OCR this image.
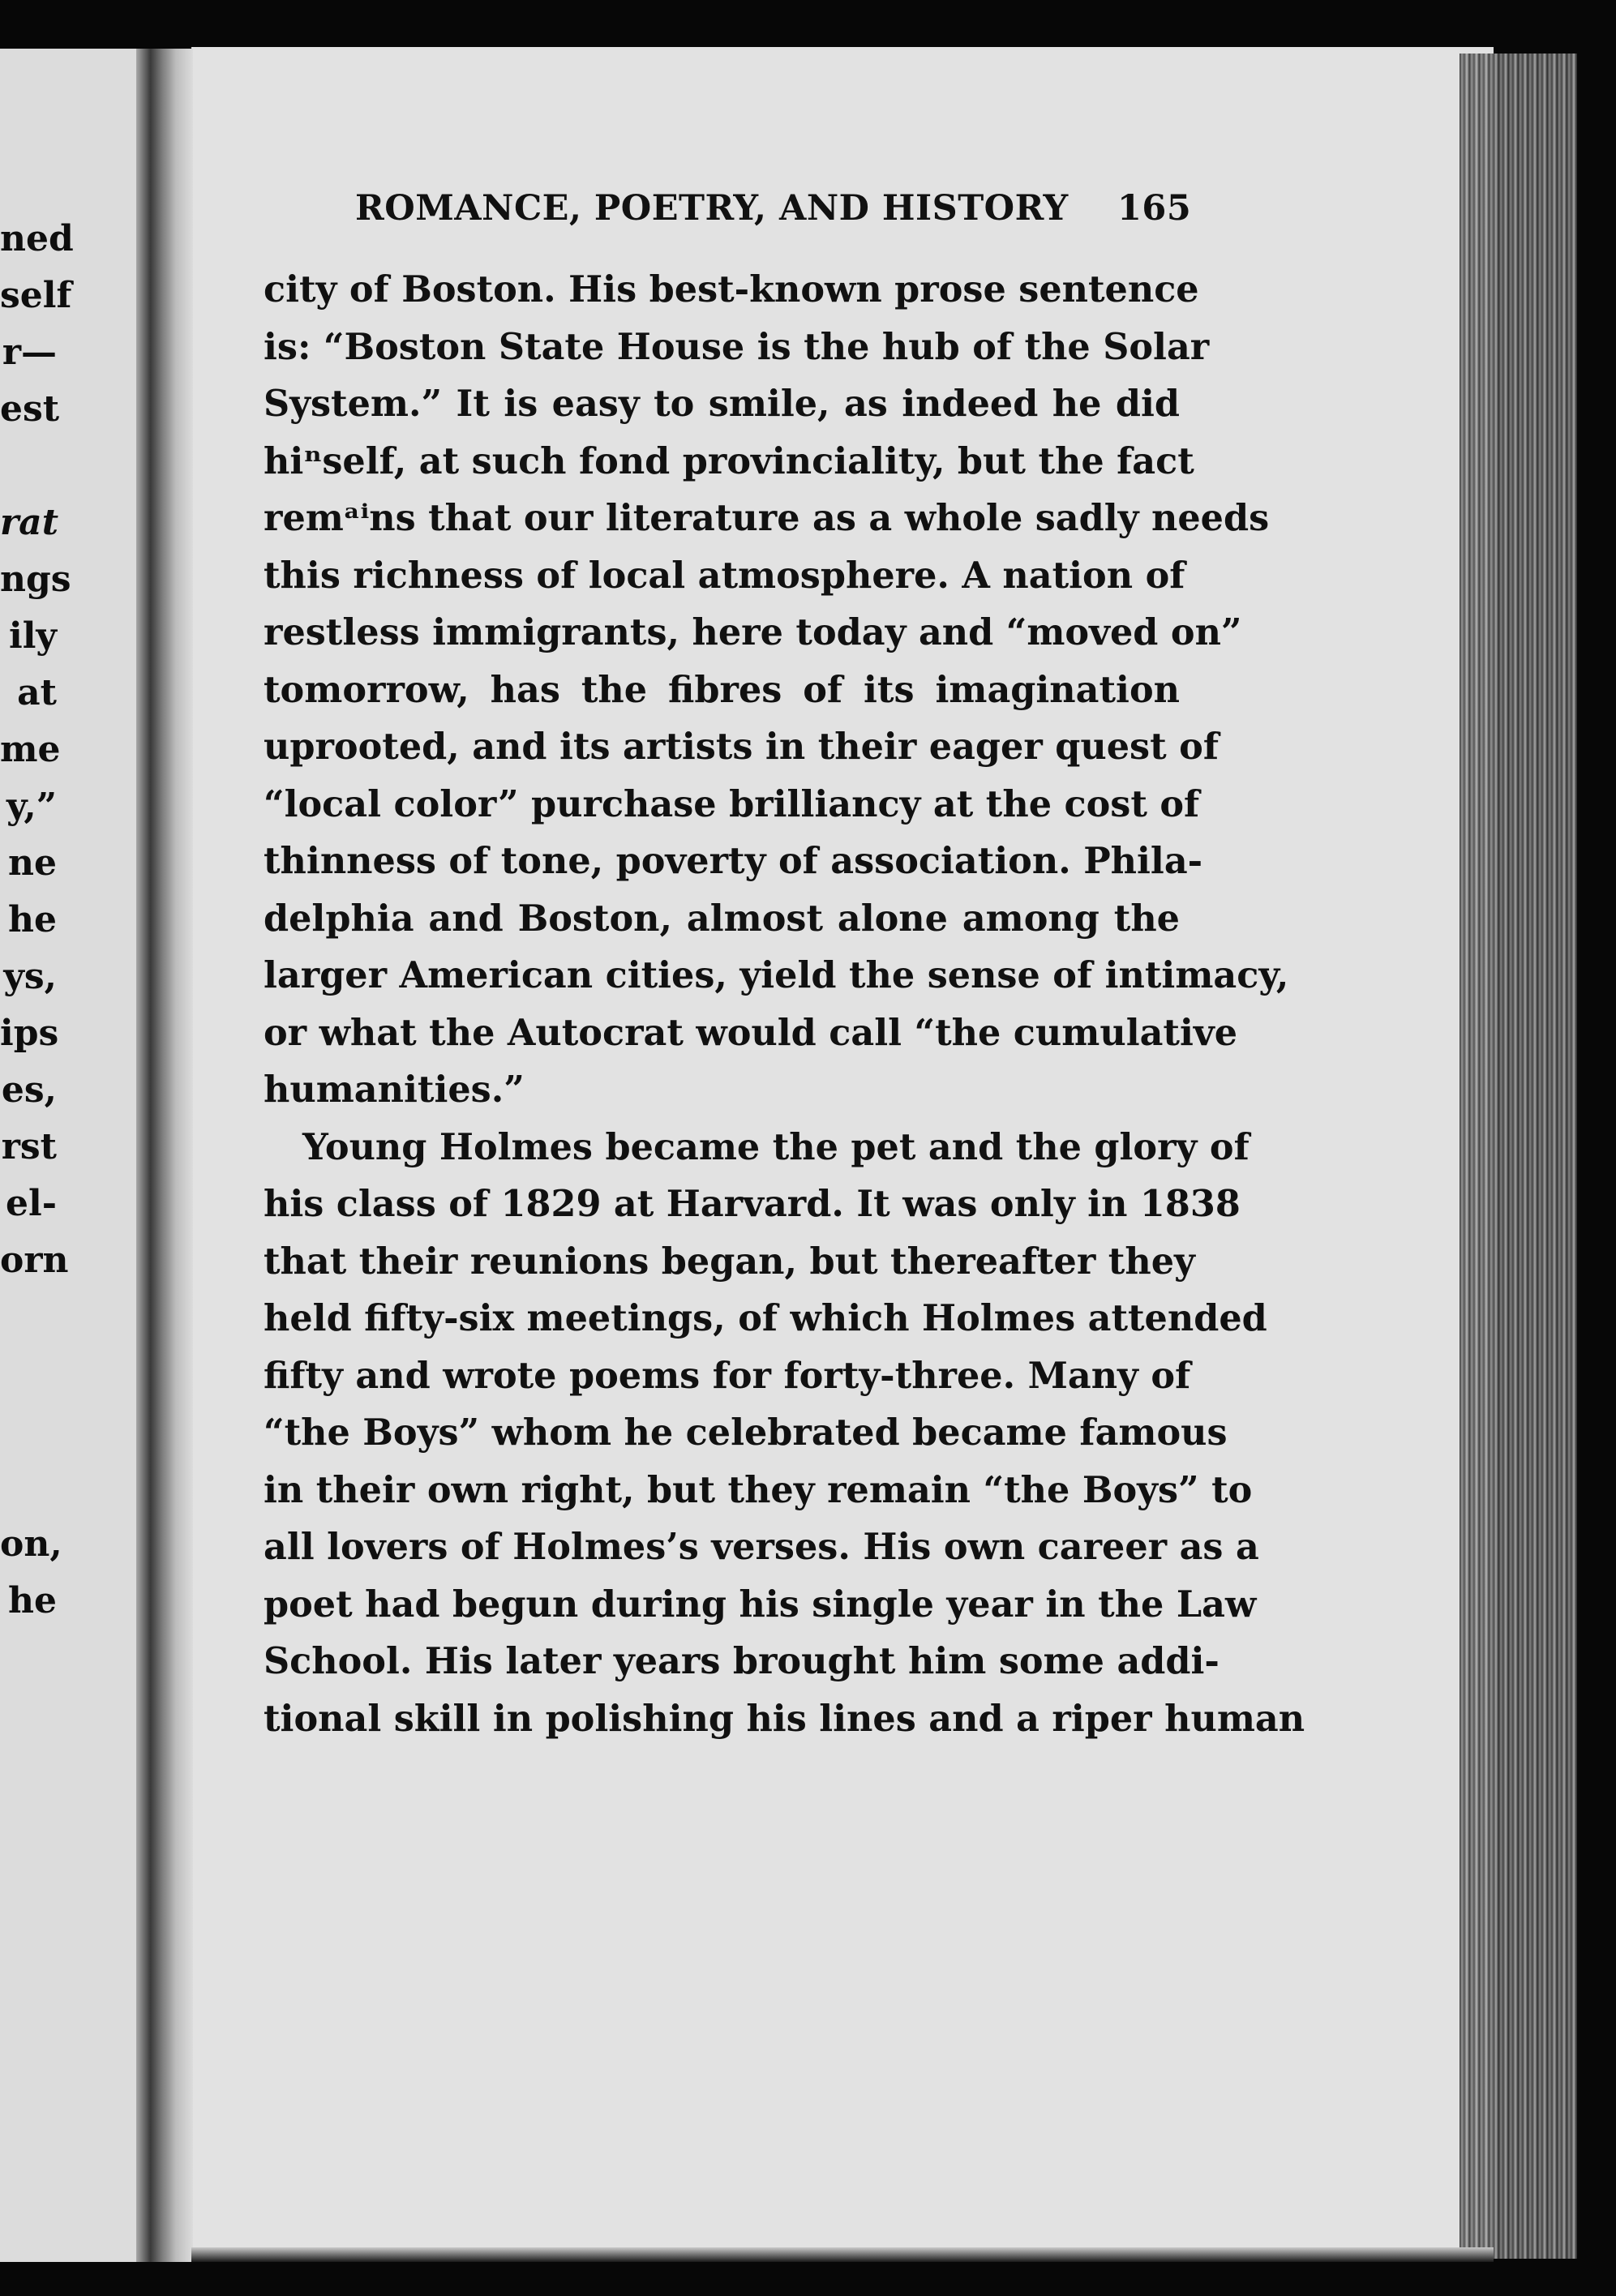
ned
self
r—
est
rat
ngs
ily
at
me
y,”
ne
he
ys,
ips
es,
rst
el-
orn
on,
he
ROMANCE, POETRY, AND HISTORY 165
city of Boston. His best-known prose sentence
is: “Boston State House is the hub of the Solar
System.” It is easy to smile, as indeed he did
hiⁿself, at such fond provinciality, but the fact
remᵃⁱns that our literature as a whole sadly needs
this richness of local atmosphere. A nation of
restless immigrants, here today and “moved on”
tomorrow, has the fibres of its imagination
uprooted, and its artists in their eager quest of
“local color” purchase brilliancy at the cost of
thinness of tone, poverty of association. Phila-
delphia and Boston, almost alone among the
larger American cities, yield the sense of intimacy,
or what the Autocrat would call “the cumulative
humanities.”
Young Holmes became the pet and the glory of
his class of 1829 at Harvard. It was only in 1838
that their reunions began, but thereafter they
held fifty-six meetings, of which Holmes attended
fifty and wrote poems for forty-three. Many of
“the Boys” whom he celebrated became famous
in their own right, but they remain “the Boys” to
all lovers of Holmes’s verses. His own career as a
poet had begun during his single year in the Law
School. His later years brought him some addi-
tional skill in polishing his lines and a riper human
